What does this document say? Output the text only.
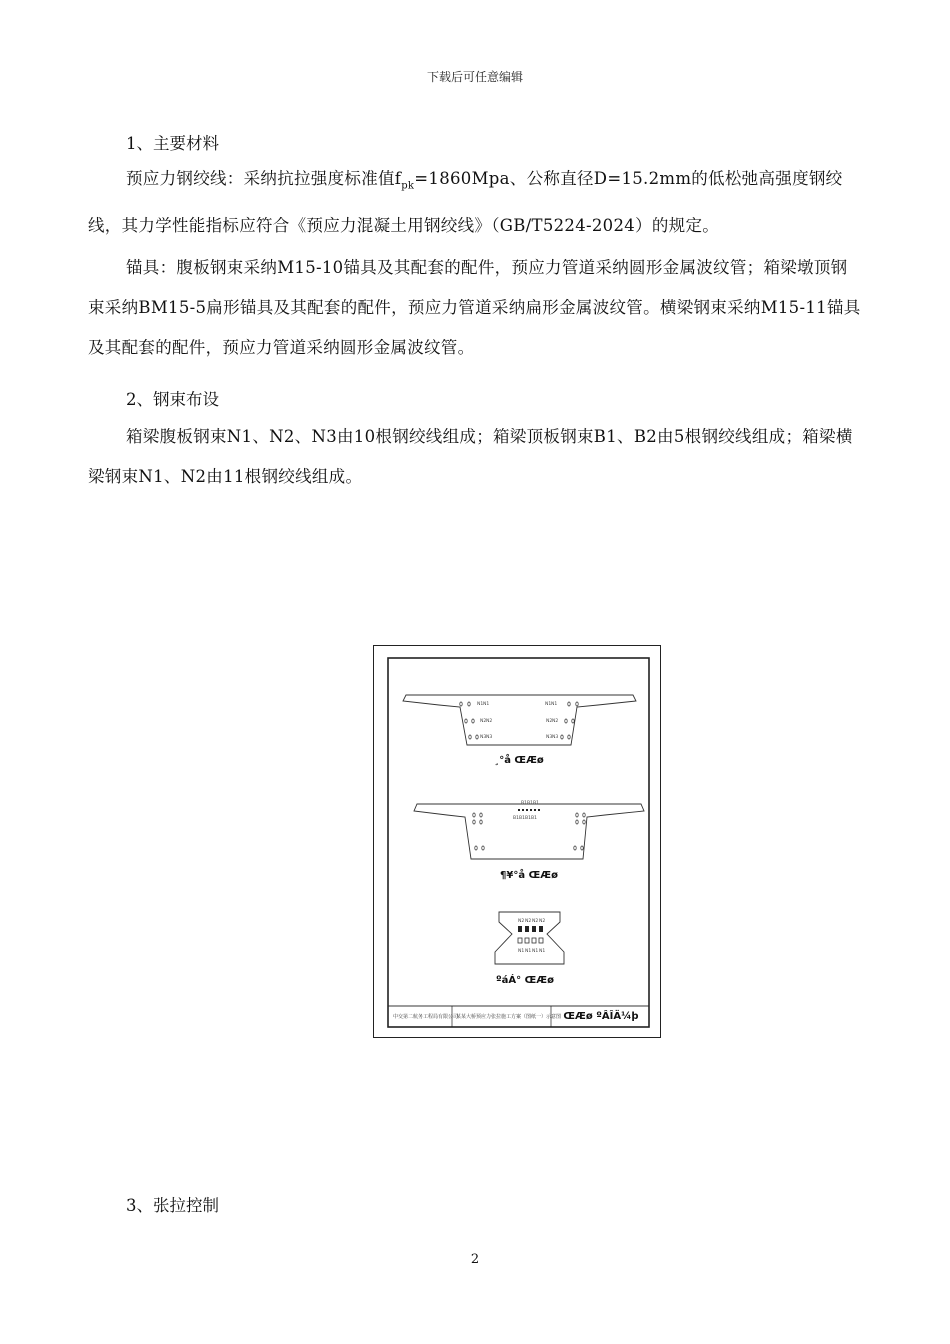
下载后可任意编辑
1、主要材料

预应力钢绞线：采纳抗拉强度标准值$f_{pk}=1860Mpa$、公称直径D=15.2mm的低松弛高强度钢绞线，其力学性能指标应符合《预应力混凝土用钢绞线》（GB/T5224-2024）的规定。

锚具：腹板钢束采纳M15-10锚具及其配套的配件，预应力管道采纳圆形金属波纹管；箱梁墩顶钢束采纳BM15-5扁形锚具及其配套的配件，预应力管道采纳扁形金属波纹管。横梁钢束采纳M15-11锚具及其配套的配件，预应力管道采纳圆形金属波纹管。

2、钢束布设

箱梁腹板钢束N1、N2、N3由10根钢绞线组成；箱梁顶板钢束B1、B2由5根钢绞线组成；箱梁横梁钢束N1、N2由11根钢绞线组成。

N1 N1	N1 N1
N2 N2	N2 N2
N3 N3	N3 N3
¸°å ŒÆø
B1 B1 B1
B1 B1 B1 B1
¶¥°å ŒÆø
N2 N2 N2 N2
N1 N1 N1 N1
ºáÁ° ŒÆø
中交第二航务工程局有限公司
某某大桥预应力张拉施工方案（图纸一）示意图 ŒÆø ºÂÎÄ¼þ
3、张拉控制
2
